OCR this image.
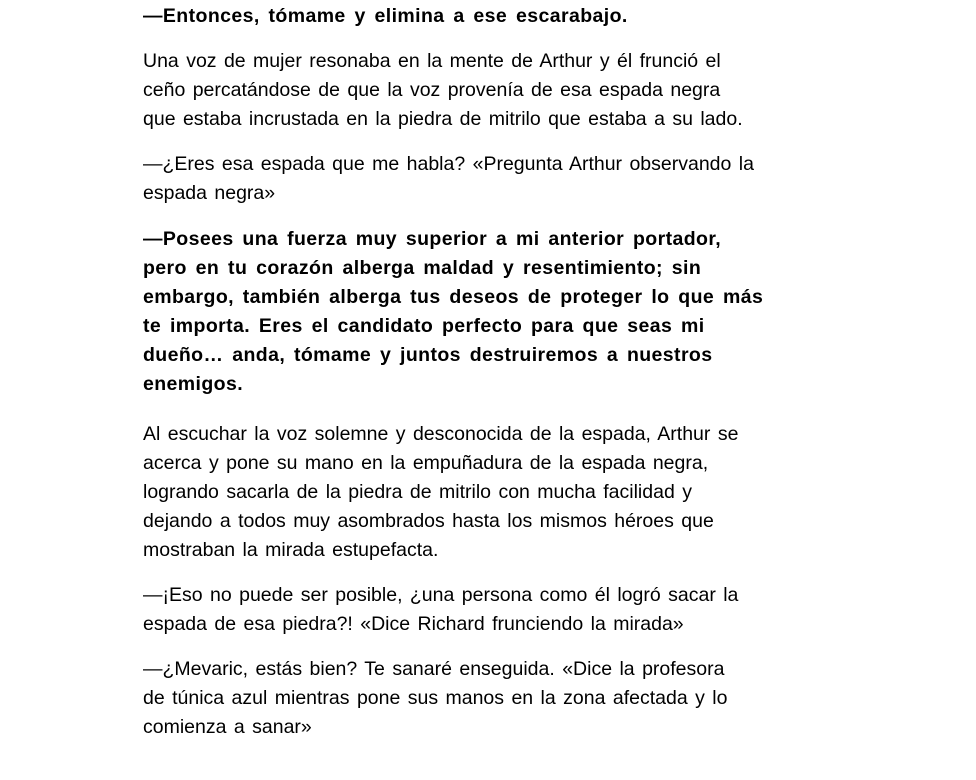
—Entonces, tómame y elimina a ese escarabajo.

Una voz de mujer resonaba en la mente de Arthur y él frunció el
ceño percatándose de que la voz provenía de esa espada negra
que estaba incrustada en la piedra de mitrilo que estaba a su lado.

—¿Eres esa espada que me habla? «Pregunta Arthur observando la
espada negra»

—Posees una fuerza muy superior a mi anterior portador,
pero en tu corazón alberga maldad y resentimiento; sin
embargo, también alberga tus deseos de proteger lo que más
te importa. Eres el candidato perfecto para que seas mi
dueño… anda, tómame y juntos destruiremos a nuestros
enemigos.

Al escuchar la voz solemne y desconocida de la espada, Arthur se
acerca y pone su mano en la empuñadura de la espada negra,
logrando sacarla de la piedra de mitrilo con mucha facilidad y
dejando a todos muy asombrados hasta los mismos héroes que
mostraban la mirada estupefacta.

—¡Eso no puede ser posible, ¿una persona como él logró sacar la
espada de esa piedra?! «Dice Richard frunciendo la mirada»

—¿Mevaric, estás bien? Te sanaré enseguida. «Dice la profesora
de túnica azul mientras pone sus manos en la zona afectada y lo
comienza a sanar»
